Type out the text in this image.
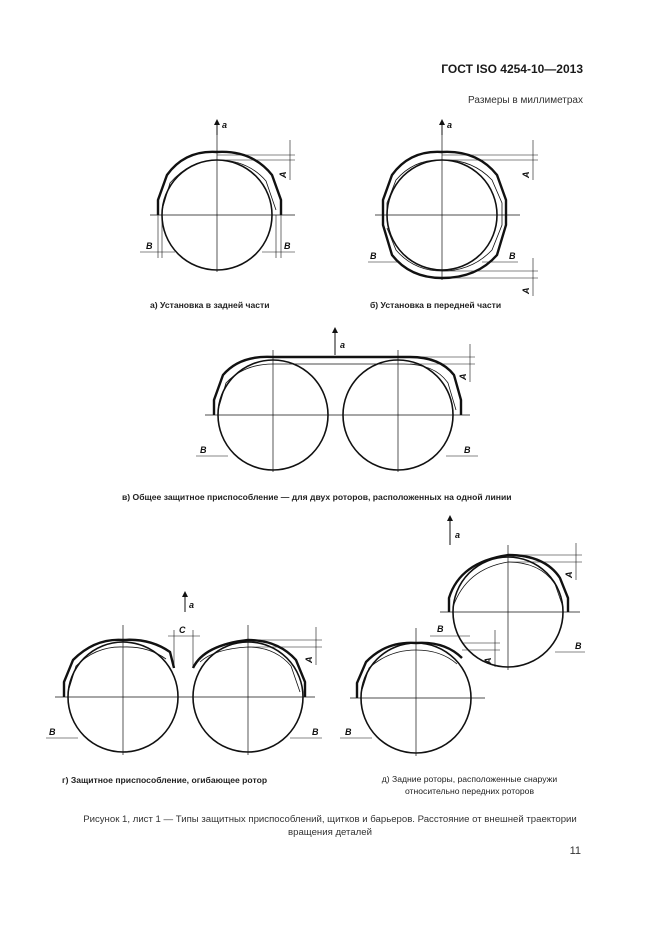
ГОСТ ISO 4254-10—2013
Размеры в миллиметрах
а
A
B	B
а
A
A
B	B
а
A
B	B
а
C
A
B	B
а
A
A
B
B
B
а) Установка в задней части	б) Установка в передней части
в) Общее защитное приспособление — для двух роторов, расположенных на одной линии
г) Защитное приспособление, огибающее ротор	д) Задние роторы, расположенные снаружи относительно передних роторов
Рисунок 1, лист 1 — Типы защитных приспособлений, щитков и барьеров. Расстояние от внешней траектории вращения деталей
11
